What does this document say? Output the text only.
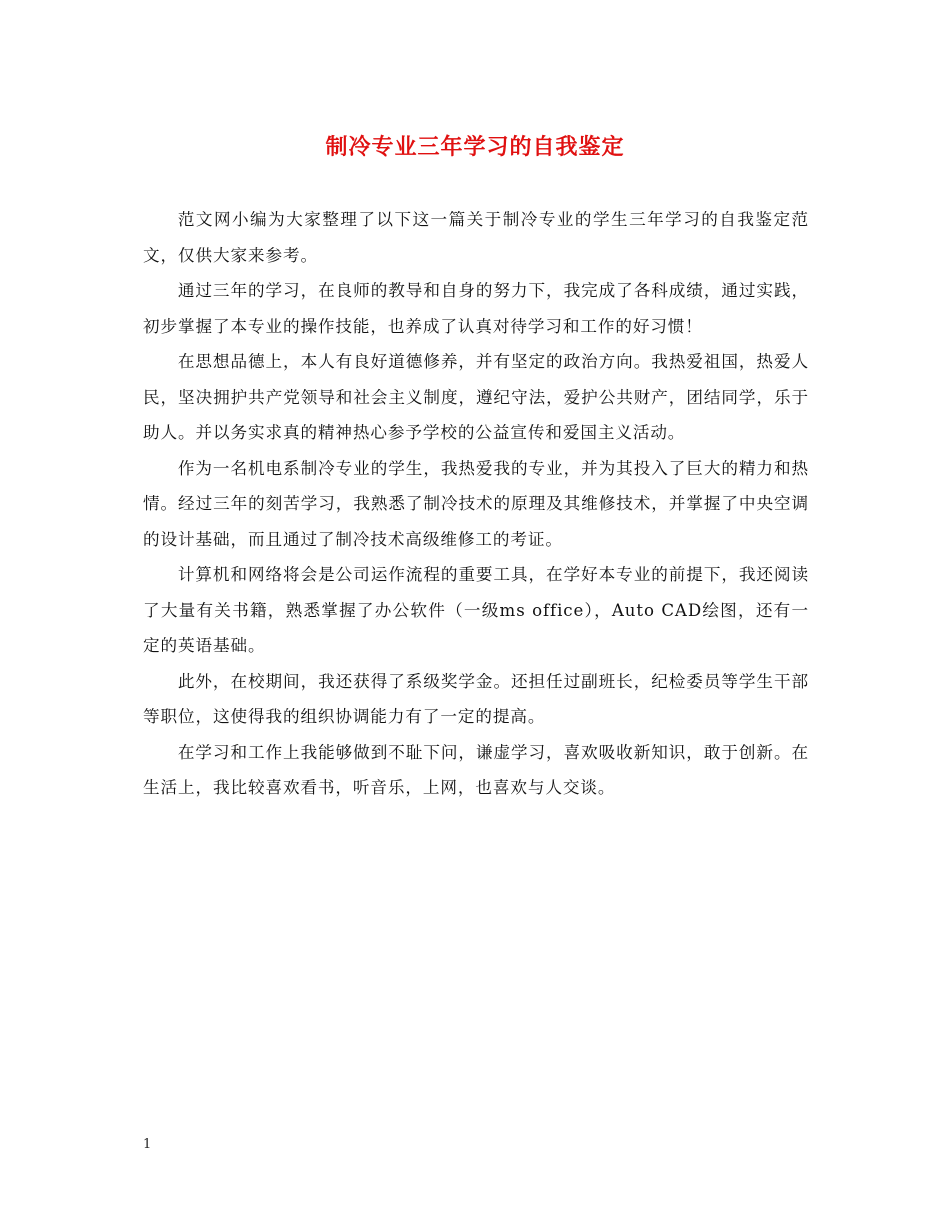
制冷专业三年学习的自我鉴定

范文网小编为大家整理了以下这一篇关于制冷专业的学生三年学习的自我鉴定范文，仅供大家来参考。

通过三年的学习，在良师的教导和自身的努力下，我完成了各科成绩，通过实践，初步掌握了本专业的操作技能，也养成了认真对待学习和工作的好习惯！

在思想品德上，本人有良好道德修养，并有坚定的政治方向。我热爱祖国，热爱人民，坚决拥护共产党领导和社会主义制度，遵纪守法，爱护公共财产，团结同学，乐于助人。并以务实求真的精神热心参予学校的公益宣传和爱国主义活动。

作为一名机电系制冷专业的学生，我热爱我的专业，并为其投入了巨大的精力和热情。经过三年的刻苦学习，我熟悉了制冷技术的原理及其维修技术，并掌握了中央空调的设计基础，而且通过了制冷技术高级维修工的考证。

计算机和网络将会是公司运作流程的重要工具，在学好本专业的前提下，我还阅读了大量有关书籍，熟悉掌握了办公软件（一级ms office），Auto CAD绘图，还有一定的英语基础。

此外，在校期间，我还获得了系级奖学金。还担任过副班长，纪检委员等学生干部等职位，这使得我的组织协调能力有了一定的提高。

在学习和工作上我能够做到不耻下问，谦虚学习，喜欢吸收新知识，敢于创新。在生活上，我比较喜欢看书，听音乐，上网，也喜欢与人交谈。

1
